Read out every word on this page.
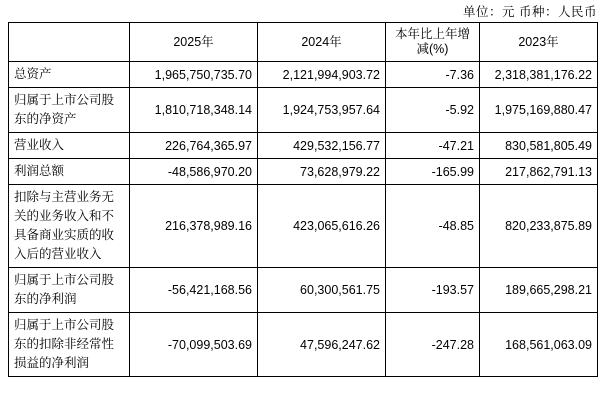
单位：元 币种：人民币
	2025年	2024年	本年比上年增减(%)	2023年
总资产	1,965,750,735.70	2,121,994,903.72	-7.36	2,318,381,176.22
归属于上市公司股东的净资产	1,810,718,348.14	1,924,753,957.64	-5.92	1,975,169,880.47
营业收入	226,764,365.97	429,532,156.77	-47.21	830,581,805.49
利润总额	-48,586,970.20	73,628,979.22	-165.99	217,862,791.13
扣除与主营业务无关的业务收入和不具备商业实质的收入后的营业收入	216,378,989.16	423,065,616.26	-48.85	820,233,875.89
归属于上市公司股东的净利润	-56,421,168.56	60,300,561.75	-193.57	189,665,298.21
归属于上市公司股东的扣除非经常性损益的净利润	-70,099,503.69	47,596,247.62	-247.28	168,561,063.09
